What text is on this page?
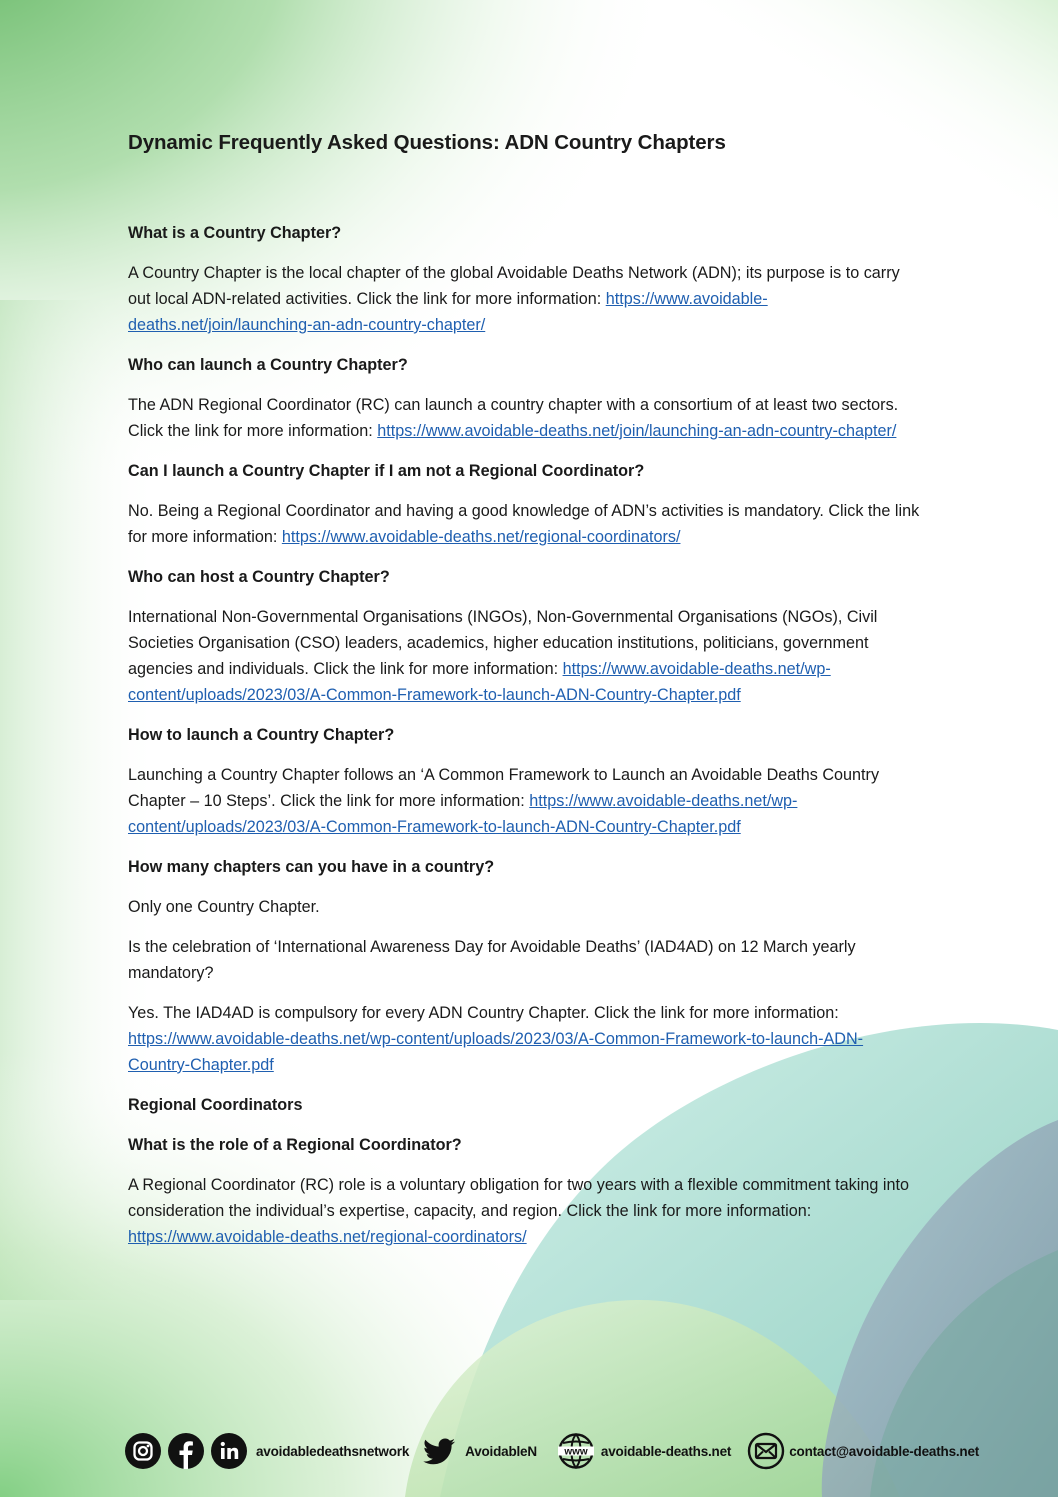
Dynamic Frequently Asked Questions: ADN Country Chapters
What is a Country Chapter?
A Country Chapter is the local chapter of the global Avoidable Deaths Network (ADN); its purpose is to carry out local ADN-related activities. Click the link for more information: https://www.avoidable-deaths.net/join/launching-an-adn-country-chapter/
Who can launch a Country Chapter?
The ADN Regional Coordinator (RC) can launch a country chapter with a consortium of at least two sectors. Click the link for more information: https://www.avoidable-deaths.net/join/launching-an-adn-country-chapter/
Can I launch a Country Chapter if I am not a Regional Coordinator?
No. Being a Regional Coordinator and having a good knowledge of ADN’s activities is mandatory. Click the link for more information: https://www.avoidable-deaths.net/regional-coordinators/
Who can host a Country Chapter?
International Non-Governmental Organisations (INGOs), Non-Governmental Organisations (NGOs), Civil Societies Organisation (CSO) leaders, academics, higher education institutions, politicians, government agencies and individuals. Click the link for more information: https://www.avoidable-deaths.net/wp-content/uploads/2023/03/A-Common-Framework-to-launch-ADN-Country-Chapter.pdf
How to launch a Country Chapter?
Launching a Country Chapter follows an ‘A Common Framework to Launch an Avoidable Deaths Country Chapter – 10 Steps’. Click the link for more information: https://www.avoidable-deaths.net/wp-content/uploads/2023/03/A-Common-Framework-to-launch-ADN-Country-Chapter.pdf
How many chapters can you have in a country?
Only one Country Chapter.
Is the celebration of ‘International Awareness Day for Avoidable Deaths’ (IAD4AD) on 12 March yearly mandatory?
Yes. The IAD4AD is compulsory for every ADN Country Chapter. Click the link for more information: https://www.avoidable-deaths.net/wp-content/uploads/2023/03/A-Common-Framework-to-launch-ADN-Country-Chapter.pdf
Regional Coordinators
What is the role of a Regional Coordinator?
A Regional Coordinator (RC) role is a voluntary obligation for two years with a flexible commitment taking into consideration the individual’s expertise, capacity, and region. Click the link for more information: https://www.avoidable-deaths.net/regional-coordinators/
avoidabledeathsnetwork	AvoidableN	www avoidable-deaths.net	contact@avoidable-deaths.net
